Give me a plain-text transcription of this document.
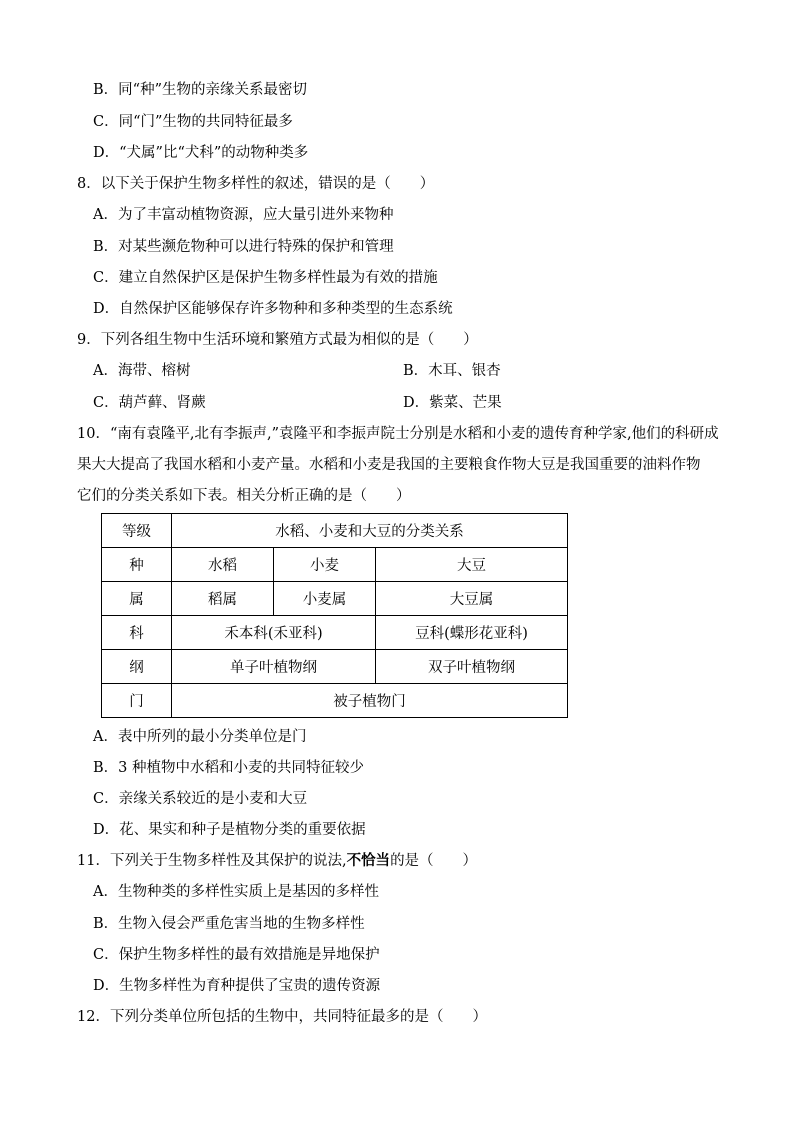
B．同“种”生物的亲缘关系最密切
C．同“门”生物的共同特征最多
D．“犬属”比“犬科”的动物种类多
8．以下关于保护生物多样性的叙述，错误的是（　　）
A．为了丰富动植物资源，应大量引进外来物种
B．对某些濒危物种可以进行特殊的保护和管理
C．建立自然保护区是保护生物多样性最为有效的措施
D．自然保护区能够保存许多物种和多种类型的生态系统
9．下列各组生物中生活环境和繁殖方式最为相似的是（　　）
A．海带、榕树	B．木耳、银杏
C．葫芦藓、肾蕨	D．紫菜、芒果
10．“南有袁隆平,北有李振声,”袁隆平和李振声院士分别是水稻和小麦的遗传育种学家,他们的科研成
果大大提高了我国水稻和小麦产量。水稻和小麦是我国的主要粮食作物大豆是我国重要的油料作物
它们的分类关系如下表。相关分析正确的是（　　）
等级	水稻、小麦和大豆的分类关系		
种	水稻	小麦	大豆
属	稻属	小麦属	大豆属
科	禾本科(禾亚科)		豆科(蝶形花亚科)
纲	单子叶植物纲		双子叶植物纲
门	被子植物门		
A．表中所列的最小分类单位是门
B．3 种植物中水稻和小麦的共同特征较少
C．亲缘关系较近的是小麦和大豆
D．花、果实和种子是植物分类的重要依据
11．下列关于生物多样性及其保护的说法,不恰当的是（　　）
A．生物种类的多样性实质上是基因的多样性
B．生物入侵会严重危害当地的生物多样性
C．保护生物多样性的最有效措施是异地保护
D．生物多样性为育种提供了宝贵的遗传资源
12．下列分类单位所包括的生物中，共同特征最多的是（　　）
